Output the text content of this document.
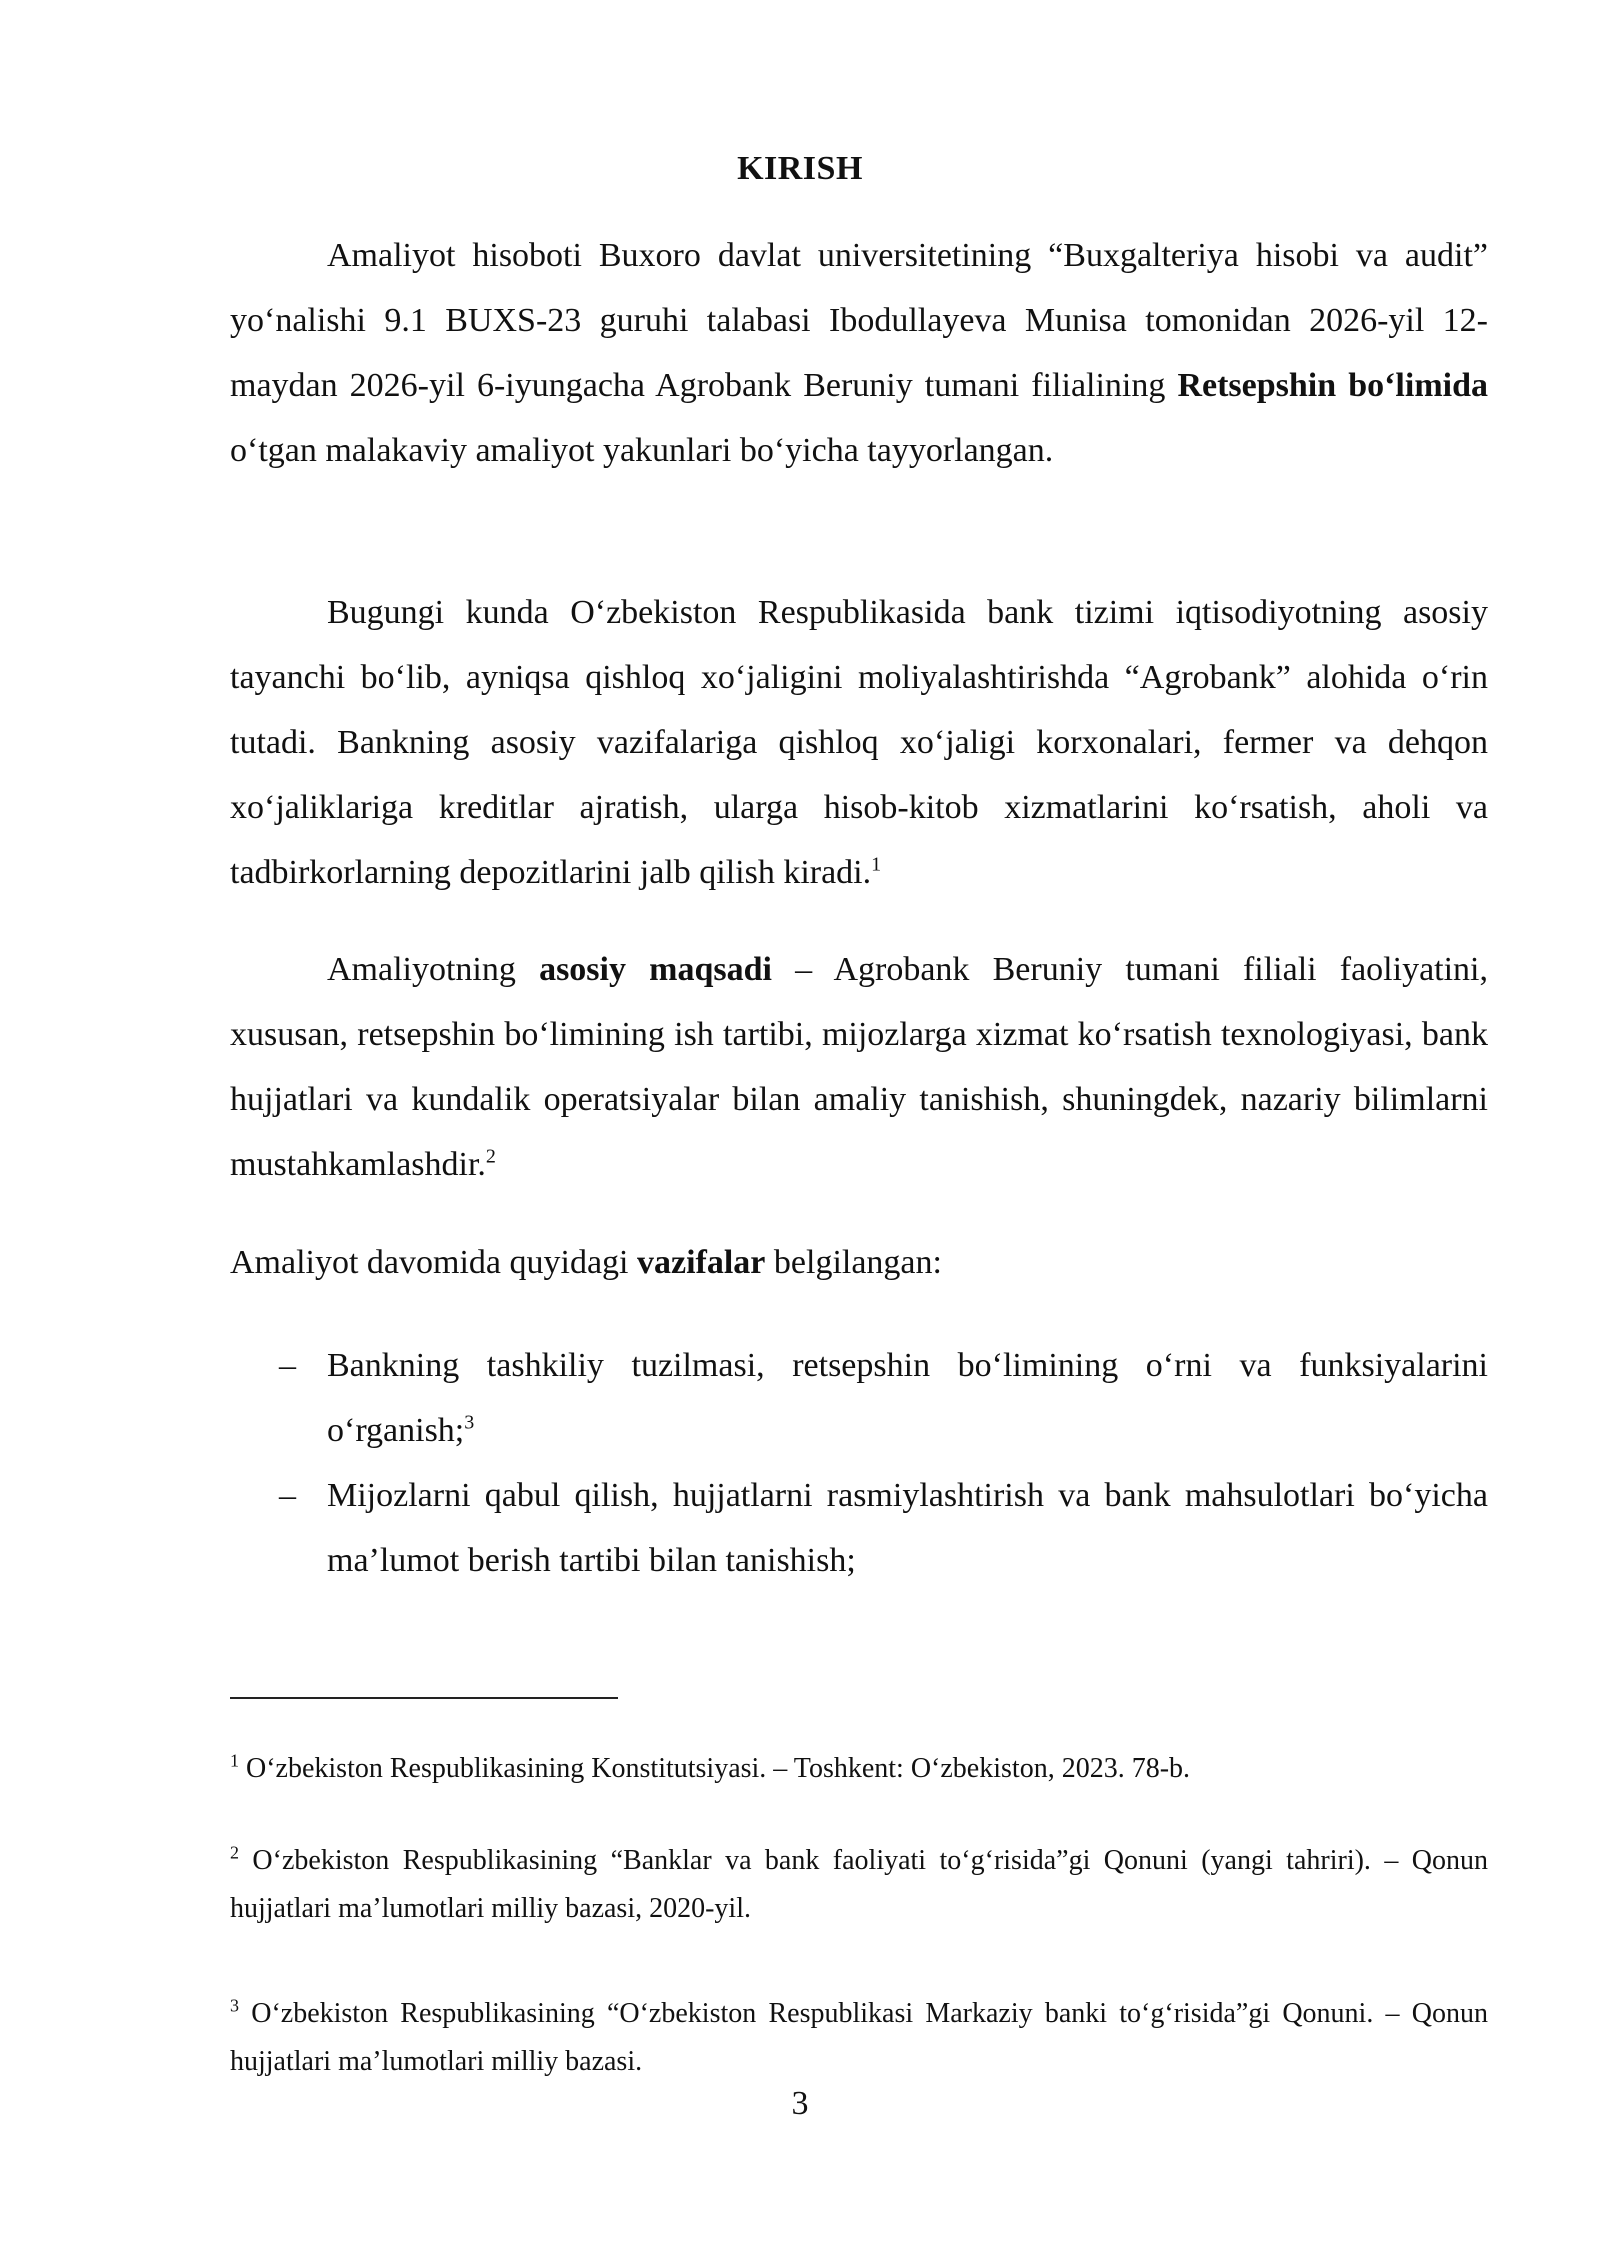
KIRISH

Amaliyot hisoboti Buxoro davlat universitetining “Buxgalteriya hisobi va audit” yo‘nalishi 9.1 BUXS-23 guruhi talabasi Ibodullayeva Munisa tomonidan 2026-yil 12-maydan 2026-yil 6-iyungacha Agrobank Beruniy tumani filialining Retsepshin bo‘limida o‘tgan malakaviy amaliyot yakunlari bo‘yicha tayyorlangan.

Bugungi kunda O‘zbekiston Respublikasida bank tizimi iqtisodiyotning asosiy tayanchi bo‘lib, ayniqsa qishloq xo‘jaligini moliyalashtirishda “Agrobank” alohida o‘rin tutadi. Bankning asosiy vazifalariga qishloq xo‘jaligi korxonalari, fermer va dehqon xo‘jaliklariga kreditlar ajratish, ularga hisob-kitob xizmatlarini ko‘rsatish, aholi va tadbirkorlarning depozitlarini jalb qilish kiradi.$^1$

Amaliyotning asosiy maqsadi – Agrobank Beruniy tumani filiali faoliyatini, xususan, retsepshin bo‘limining ish tartibi, mijozlarga xizmat ko‘rsatish texnologiyasi, bank hujjatlari va kundalik operatsiyalar bilan amaliy tanishish, shuningdek, nazariy bilimlarni mustahkamlashdir.$^2$

Amaliyot davomida quyidagi vazifalar belgilangan:

– Bankning tashkiliy tuzilmasi, retsepshin bo‘limining o‘rni va funksiyalarini o‘rganish;$^3$
– Mijozlarni qabul qilish, hujjatlarni rasmiylashtirish va bank mahsulotlari bo‘yicha ma’lumot berish tartibi bilan tanishish;

$^1$ O‘zbekiston Respublikasining Konstitutsiyasi. – Toshkent: O‘zbekiston, 2023. 78-b.

$^2$ O‘zbekiston Respublikasining “Banklar va bank faoliyati to‘g‘risida”gi Qonuni (yangi tahriri). – Qonun hujjatlari ma’lumotlari milliy bazasi, 2020-yil.

$^3$ O‘zbekiston Respublikasining “O‘zbekiston Respublikasi Markaziy banki to‘g‘risida”gi Qonuni. – Qonun hujjatlari ma’lumotlari milliy bazasi.

3
